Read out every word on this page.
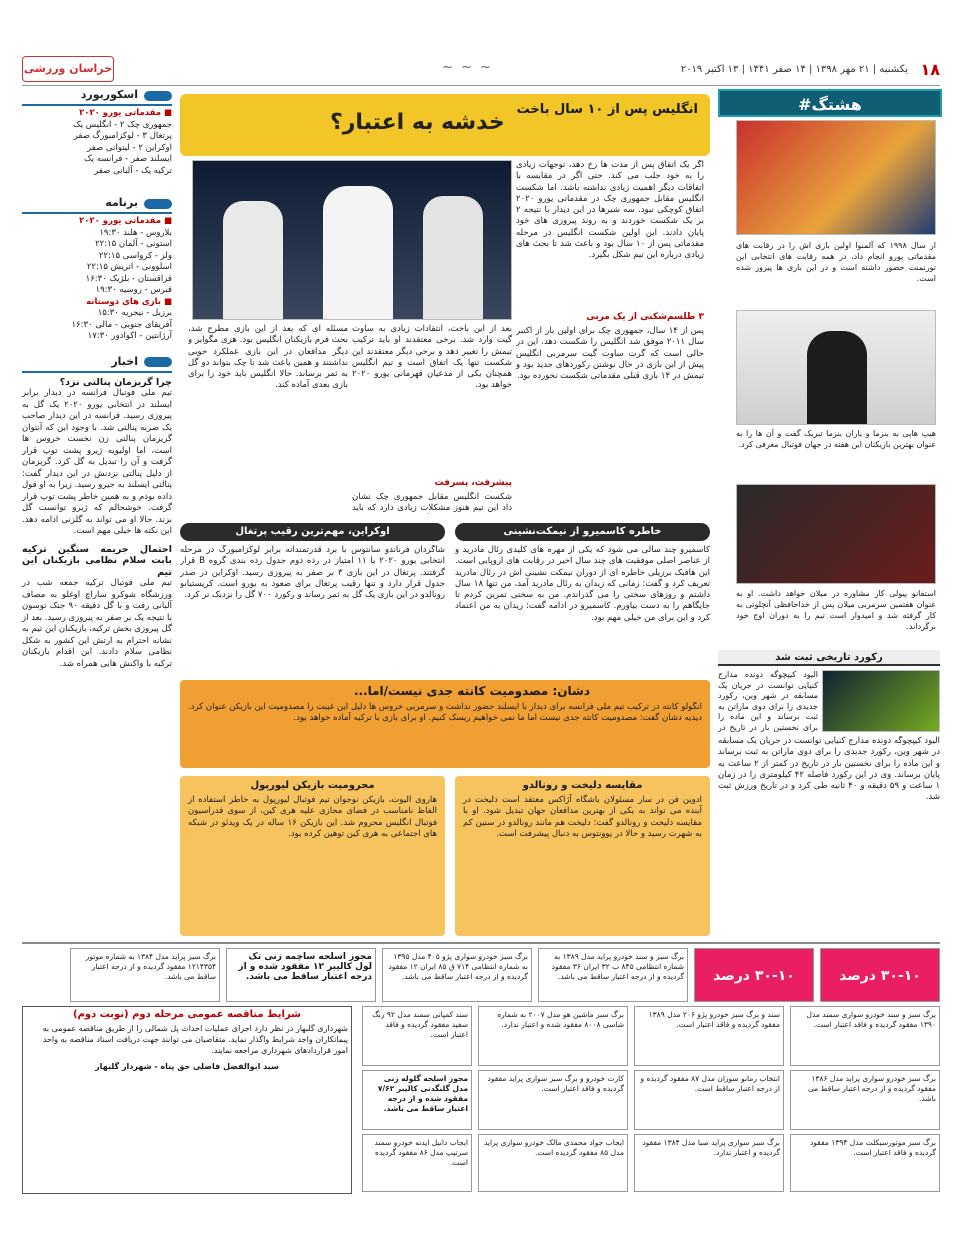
۱۸
یکشنبه | ۲۱ مهر ۱۳۹۸ | ۱۴ صفر ۱۴۴۱ | ۱۳ اکتبر ۲۰۱۹
~ ~ ~
خراسان ورزشی
اسکوربورد
■ مقدماتی یورو ۲۰۲۰
جمهوری چک ۲ - انگلیس یک
پرتغال ۳ - لوکزامبورگ صفر
اوکراین ۲ - لیتوانی صفر
ایسلند صفر - فرانسه یک
ترکیه یک - آلبانی صفر
برنامه
■ مقدماتی یورو ۲۰۲۰
بلاروس - هلند ۱۹:۳۰
استونی - آلمان ۲۲:۱۵
ولز - کرواسی ۲۲:۱۵
اسلوونی - اتریش ۲۲:۱۵
قزاقستان - بلژیک ۱۶:۳۰
قبرس - روسیه ۱۹:۳۰
■ بازی های دوستانه
برزیل - نیجریه ۱۵:۳۰
آفریقای جنوبی - مالی ۱۶:۳۰
آرژانتین - اکوادور ۱۷:۳۰
اخبار
چرا گریزمان پنالتی نزد؟
تیم ملی فوتبال فرانسه در دیدار برابر ایسلند در انتخابی یورو ۲۰۲۰ یک گل به پیروزی رسید. فرانسه در این دیدار صاحب یک ضربه پنالتی شد. با وجود این که آنتوان گریزمان پنالتی زن نخست خروس ها است، اما اولیویه ژیرو پشت توپ قرار گرفت و آن را تبدیل به گل کرد. گریزمان از دلیل پنالتی نزدنش در این دیدار گفت: پنالتی ایسلند به جیرو رسید. زیرا به او قول داده بودم و به همین خاطر پشت توپ قرار گرفت. خوشحالم که ژیرو توانست گل بزند. حالا او می تواند به گلزنی ادامه دهد. این نکته ها خیلی مهم است.
احتمال جریمه سنگین ترکیه بابت سلام نظامی بازیکنان این تیم
تیم ملی فوتبال ترکیه جمعه شب در ورزشگاه شوکرو ساراچ اوغلو به مصاف آلبانی رفت و با گل دقیقه ۹۰ جنک توسون با نتیجه یک بر صفر به پیروزی رسید. بعد از گل پیروزی بخش ترکیه، بازیکنان این تیم به نشانه احترام به ارتش این کشور به شکل نظامی سلام دادند. این اقدام بازیکنان ترکیه با واکنش هایی همراه شد.
#هشتگ
از سال ۱۹۹۸ که آلمنوا اولین بازی اش را در رقابت های مقدماتی یورو انجام داد، در همه رقابت های انتخابی این تورنمنت حضور داشته است و در این بازی ها پیروز شده است.
هیپ هاپی به بنزما و یاران بنزما تبریک گفت و آن ها را به عنوان بهترین بازیکنان این هفته در جهان فوتبال معرفی کرد.
استفانو پیولی کار مشاوره در میلان خواهد داشت. او به عنوان هفتمین سرمربی میلان پس از خداحافظی آنچلوتی به کار گرفته شد و امیدوار است تیم را به دوران اوج خود برگرداند.
انگلیس پس از ۱۰ سال باخت
خدشه به اعتبار؟
اگر یک اتفاق پس از مدت ها رخ دهد، توجهات زیادی را به خود جلب می کند. حتی اگر در مقایسه با اتفاقات دیگر اهمیت زیادی نداشته باشد. اما شکست انگلیس مقابل جمهوری چک در مقدماتی یورو ۲۰۲۰ اتفاق کوچکی نبود. سه شیرها در این دیدار با نتیجه ۲ بر یک شکست خوردند و به روند پیروزی های خود پایان دادند. این اولین شکست انگلیس در مرحله مقدماتی پس از ۱۰ سال بود و باعث شد تا بحث های زیادی درباره این تیم شکل بگیرد.
۳ طلسم‌شکنی از یک مربی
پس از ۱۴ سال، جمهوری چک برای اولین بار از اکتبر سال ۲۰۱۱ موفق شد انگلیس را شکست دهد. این در حالی است که گرت ساوت گیت سرمربی انگلیس پیش از این بازی در حال نوشتن رکوردهای جدید بود و تیمش در ۱۴ بازی قبلی مقدماتی شکست نخورده بود.
بعد از این باخت، انتقادات زیادی به ساوت گیت وارد شد. برخی معتقدند او باید ترکیب تیمش را تغییر دهد و برخی دیگر معتقدند این شکست تنها یک اتفاق است و تیم انگلیس همچنان یکی از مدعیان قهرمانی یورو ۲۰۲۰ خواهد بود.
مسئله ای که بعد از این بازی مطرح شد، بحث فرم بازیکنان انگلیس بود. هری مگوایر و دیگر مدافعان در این بازی عملکرد خوبی نداشتند و همین باعث شد تا چک بتواند دو گل به ثمر برساند. حالا انگلیس باید خود را برای بازی بعدی آماده کند.
پیشرفت، پسرفت
شکست انگلیس مقابل جمهوری چک نشان داد این تیم هنوز مشکلات زیادی دارد که باید
خاطره کاسمیرو از نیمکت‌نشینی
کاسمیرو چند سالی می شود که یکی از مهره های کلیدی رئال مادرید و از عناصر اصلی موفقیت های چند سال اخیر در رقابت های اروپایی است. این هافبک برزیلی خاطره ای از دوران نیمکت نشینی اش در رئال مادرید تعریف کرد و گفت: زمانی که زیدان به رئال مادرید آمد، من تنها ۱۸ سال داشتم و روزهای سختی را می گذراندم. من به سختی تمرین کردم تا جایگاهم را به دست بیاورم. کاسمیرو در ادامه گفت: زیدان به من اعتماد کرد و این برای من خیلی مهم بود.
اوکراین، مهم‌ترین رقیب پرتغال
شاگردان فرناندو سانتوس با برد قدرتمندانه برابر لوکزامبورگ در مرحله انتخابی یورو ۲۰۲۰ با ۱۱ امتیاز در رده دوم جدول رده بندی گروه B قرار گرفتند. پرتغال در این بازی ۳ بر صفر به پیروزی رسید. اوکراین در صدر جدول قرار دارد و تنها رقیب پرتغال برای صعود به یورو است. کریستیانو رونالدو در این بازی یک گل به ثمر رساند و رکورد ۷۰۰ گل را نزدیک تر کرد.
رکورد تاریخی ثبت شد
الیود کیپچوگه دونده مدارج کنیایی توانست در جریان یک مسابقه در شهر وین، رکورد جدیدی را برای دوی ماراتن به ثبت برساند و این ماده را برای نخستین بار در تاریخ در
الیود کیپچوگه دونده مدارج کنیایی توانست در جریان یک مسابقه در شهر وین، رکورد جدیدی را برای دوی ماراتن به ثبت برساند و این ماده را برای نخستین بار در تاریخ در کمتر از ۲ ساعت به پایان برساند. وی در این رکورد فاصله ۴۲ کیلومتری را در زمان ۱ ساعت و ۵۹ دقیقه و ۴۰ ثانیه طی کرد و در تاریخ ورزش ثبت شد.
دشان: مصدومیت کانته جدی نیست/اما...
انگولو کانته در ترکیب تیم ملی فرانسه برای دیدار با ایسلند حضور نداشت و سرمربی خروس ها دلیل این غیبت را مصدومیت این بازیکن عنوان کرد. دیدیه دشان گفت: مصدومیت کانته جدی نیست اما ما نمی خواهیم ریسک کنیم. او برای بازی با ترکیه آماده خواهد بود.
مقایسه دلیخت و رونالدو
ادوین فن در سار مسئولان باشگاه آژاکس معتقد است دلیخت در آینده می تواند به یکی از بهترین مدافعان جهان تبدیل شود. او با مقایسه دلیخت و رونالدو گفت: دلیخت هم مانند رونالدو در سنین کم به شهرت رسید و حالا در یوونتوس به دنبال پیشرفت است.
محرومیت بازیکن لیورپول
هاروی الیوت، بازیکن نوجوان تیم فوتبال لیورپول به خاطر استفاده از الفاظ نامناسب در فضای مجازی علیه هری کین، از سوی فدراسیون فوتبال انگلیس محروم شد. این بازیکن ۱۶ ساله در یک ویدئو در شبکه های اجتماعی به هری کین توهین کرده بود.
۳۰-۱۰ درصد
۳۰-۱۰ درصد
برگ سبز و سند خودرو پراید مدل ۱۳۸۹ به شماره انتظامی ۸۴۵ ب ۳۲ ایران ۳۶ مفقود گردیده و از درجه اعتبار ساقط می باشد.
برگ سبز خودرو سواری پژو ۴۰۵ مدل ۱۳۹۵ به شماره انتظامی ۷۱۴ ق ۸۵ ایران ۱۲ مفقود گردیده و از درجه اعتبار ساقط می باشد.
مجوز اسلحه ساچمه زنی تک لول کالیبر ۱۲ مفقود شده و از درجه اعتبار ساقط می باشد.
برگ سبز پراید مدل ۱۳۸۴ به شماره موتور ۱۲۱۴۳۵۴ مفقود گردیده و از درجه اعتبار ساقط می باشد.
برگ سبز و سند خودرو سواری سمند مدل ۱۳۹۰ مفقود گردیده و فاقد اعتبار است.
سند و برگ سبز خودرو پژو ۲۰۶ مدل ۱۳۸۹ مفقود گردیده و فاقد اعتبار است.
برگ سبز ماشین هو مدل ۲۰۰۷ به شماره شاسی ۸۰۰۸ مفقود شده و اعتبار ندارد.
سند کمپانی سمند مدل ۹۲ رنگ سفید مفقود گردیده و فاقد اعتبار است.
شرایط مناقصه عمومی مرحله دوم (نوبت دوم)
شهرداری گلبهار در نظر دارد اجرای عملیات احداث پل شمالی را از طریق مناقصه عمومی به پیمانکاران واجد شرایط واگذار نماید. متقاضیان می توانند جهت دریافت اسناد مناقصه به واحد امور قراردادهای شهرداری مراجعه نمایند.
سید ابوالفضل فاضلی حق پناه - شهردار گلبهار
برگ سبز خودرو سواری پراید مدل ۱۳۸۶ مفقود گردیده و از درجه اعتبار ساقط می باشد.
انتخاب رمانو سوزان مدل ۸۷ مفقود گردیده و از درجه اعتبار ساقط است.
کارت خودرو و برگ سبز سواری پراید مفقود گردیده و فاقد اعتبار است.
مجوز اسلحه گلوله زنی مدل گلنگدنی کالیبر ۷/۶۲ مفقود شده و از درجه اعتبار ساقط می باشد.
برگ سبز موتورسیکلت مدل ۱۳۹۴ مفقود گردیده و فاقد اعتبار است.
برگ سبز سواری پراید صبا مدل ۱۳۸۴ مفقود گردیده و اعتبار ندارد.
ایجاب جواد محمدی مالک خودرو سواری پراید مدل ۸۵ مفقود گردیده است.
ایجاب دانیل ایدنه خودرو سمند سرتیپ مدل ۸۶ مفقود گردیده است.
